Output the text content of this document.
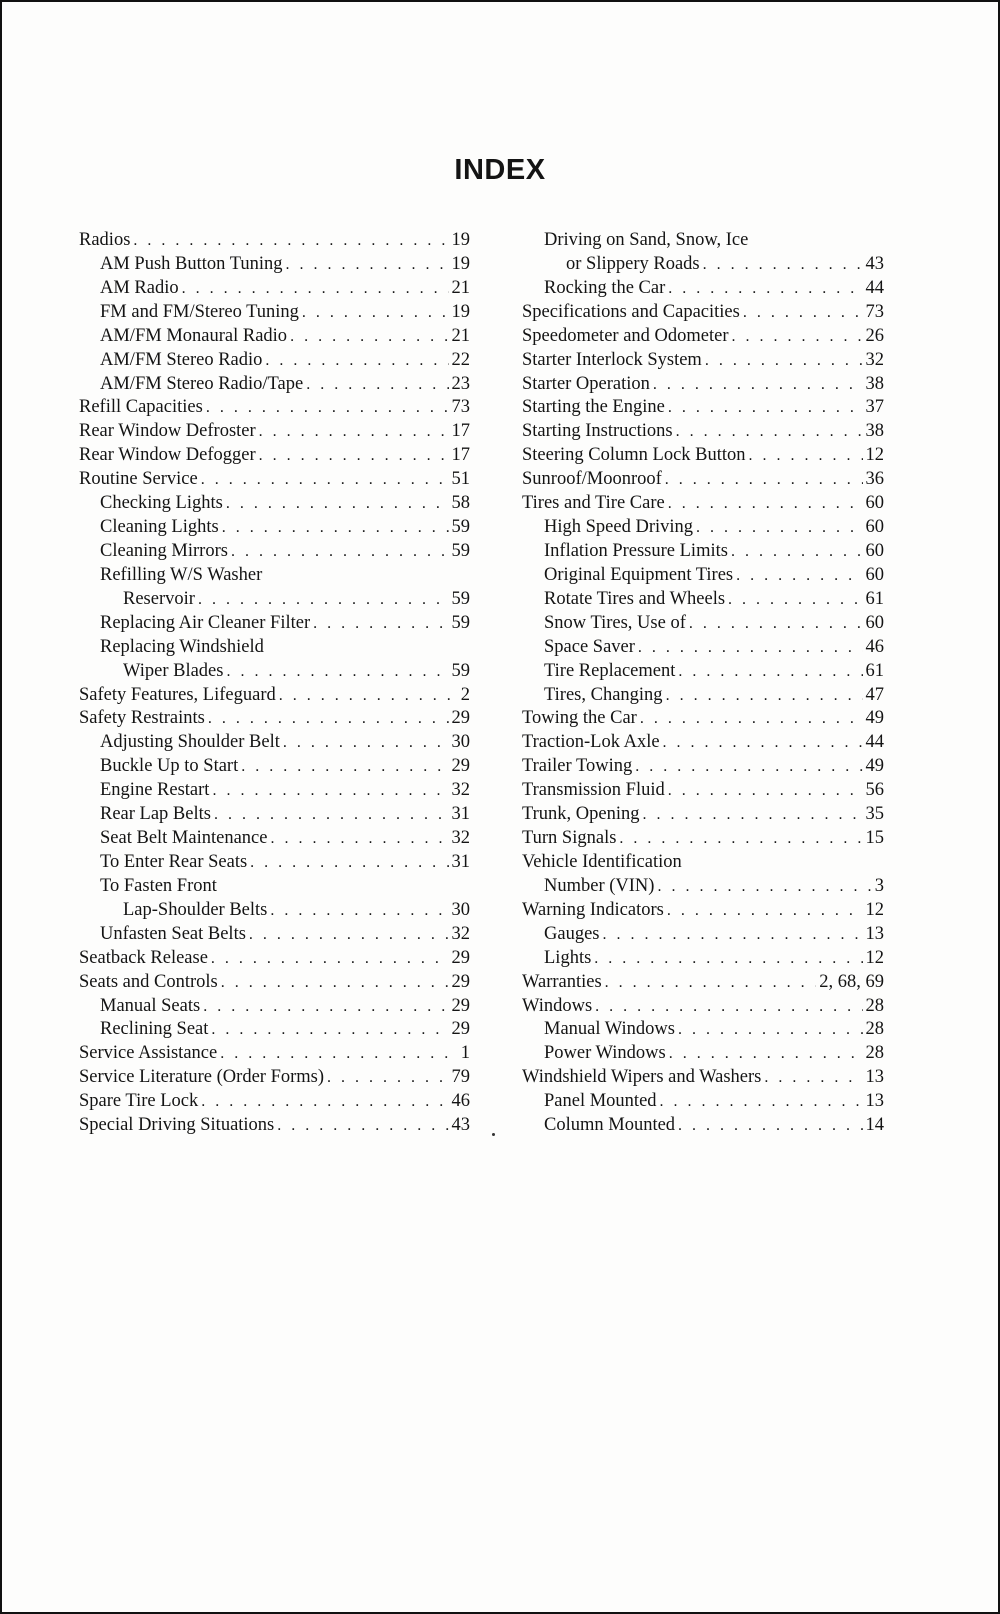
INDEX
Radios . . .	19
AM Push Button Tuning . . .	19
AM Radio . . .	21
FM and FM/Stereo Tuning . . .	19
AM/FM Monaural Radio . . .	21
AM/FM Stereo Radio . . .	22
AM/FM Stereo Radio/Tape . . .	23
Refill Capacities . . .	73
Rear Window Defroster . . .	17
Rear Window Defogger . . .	17
Routine Service . . .	51
Checking Lights . . .	58
Cleaning Lights . . .	59
Cleaning Mirrors . . .	59
Refilling W/S Washer
Reservoir . . .	59
Replacing Air Cleaner Filter . . .	59
Replacing Windshield
Wiper Blades . . .	59
Safety Features, Lifeguard . . .	2
Safety Restraints . . .	29
Adjusting Shoulder Belt . . .	30
Buckle Up to Start . . .	29
Engine Restart . . .	32
Rear Lap Belts . . .	31
Seat Belt Maintenance . . .	32
To Enter Rear Seats . . .	31
To Fasten Front
Lap-Shoulder Belts . . .	30
Unfasten Seat Belts . . .	32
Seatback Release . . .	29
Seats and Controls . . .	29
Manual Seats . . .	29
Reclining Seat . . .	29
Service Assistance . . .	1
Service Literature (Order Forms) . . .	79
Spare Tire Lock . . .	46
Special Driving Situations . . .	43
Driving on Sand, Snow, Ice
or Slippery Roads . . .	43
Rocking the Car . . .	44
Specifications and Capacities . . .	73
Speedometer and Odometer . . .	26
Starter Interlock System . . .	32
Starter Operation . . .	38
Starting the Engine . . .	37
Starting Instructions . . .	38
Steering Column Lock Button . . .	12
Sunroof/Moonroof . . .	36
Tires and Tire Care . . .	60
High Speed Driving . . .	60
Inflation Pressure Limits . . .	60
Original Equipment Tires . . .	60
Rotate Tires and Wheels . . .	61
Snow Tires, Use of . . .	60
Space Saver . . .	46
Tire Replacement . . .	61
Tires, Changing . . .	47
Towing the Car . . .	49
Traction-Lok Axle . . .	44
Trailer Towing . . .	49
Transmission Fluid . . .	56
Trunk, Opening . . .	35
Turn Signals . . .	15
Vehicle Identification
Number (VIN) . . .	3
Warning Indicators . . .	12
Gauges . . .	13
Lights . . .	12
Warranties . . .	2, 68, 69
Windows . . .	28
Manual Windows . . .	28
Power Windows . . .	28
Windshield Wipers and Washers . . .	13
Panel Mounted . . .	13
Column Mounted . . .	14
